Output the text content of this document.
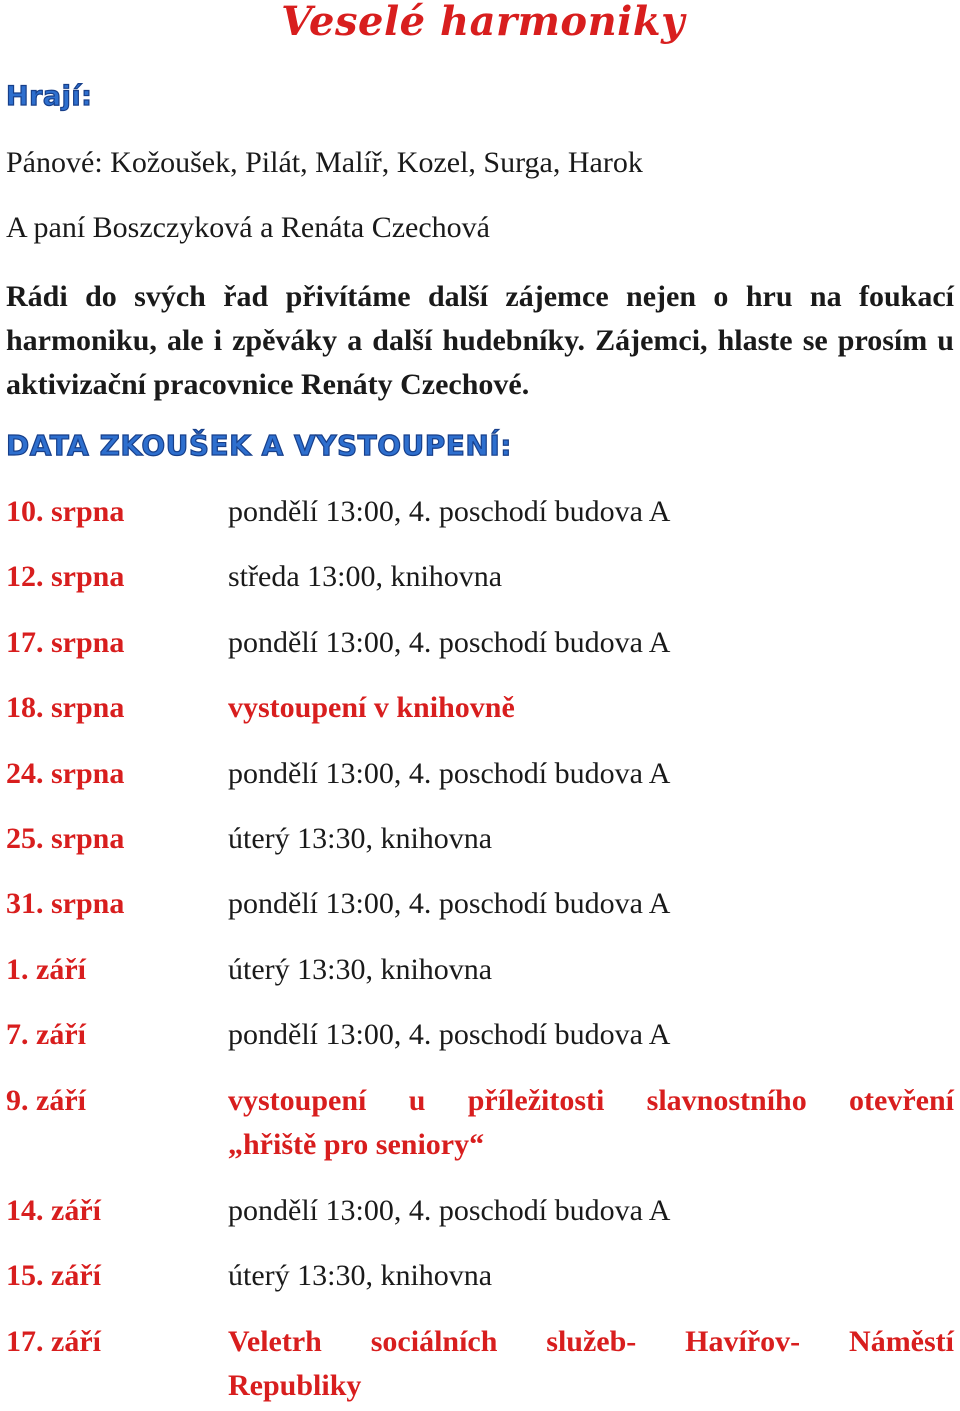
Veselé harmoniky
Hrají:
Pánové: Kožoušek, Pilát, Malíř, Kozel, Surga, Harok
A paní Boszczyková a Renáta Czechová
Rádi do svých řad přivítáme další zájemce nejen o hru na foukací harmoniku, ale i zpěváky a další hudebníky. Zájemci, hlaste se prosím u aktivizační pracovnice Renáty Czechové.
DATA ZKOUŠEK A VYSTOUPENÍ:
10. srpna	pondělí 13:00, 4. poschodí budova A
12. srpna	středa 13:00, knihovna
17. srpna	pondělí 13:00, 4. poschodí budova A
18. srpna	vystoupení v knihovně
24. srpna	pondělí 13:00, 4. poschodí budova A
25. srpna	úterý 13:30, knihovna
31. srpna	pondělí 13:00, 4. poschodí budova A
1. září	úterý 13:30, knihovna
7. září	pondělí 13:00, 4. poschodí budova A
9. září	vystoupení u příležitosti slavnostního otevření
„hřiště pro seniory“
14. září	pondělí 13:00, 4. poschodí budova A
15. září	úterý 13:30, knihovna
17. září	Veletrh sociálních služeb- Havířov- Náměstí
Republiky
